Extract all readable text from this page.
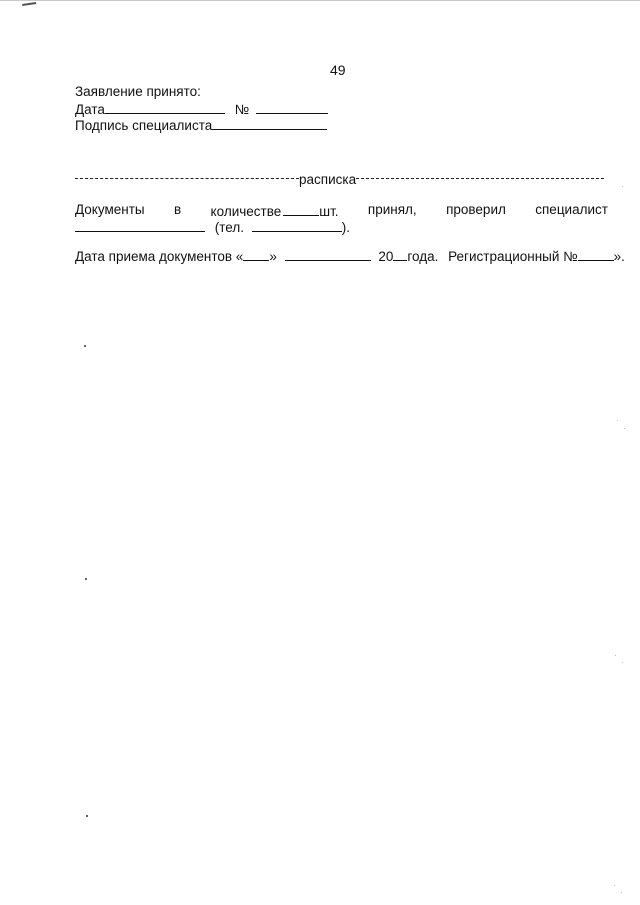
49
Заявление принято:
Дата	№
Подпись специалиста
расписка
Документы в количестве	шт. принял, проверил специалист
(тел.	).
Дата приема документов « »	20 года. Регистрационный №	».
